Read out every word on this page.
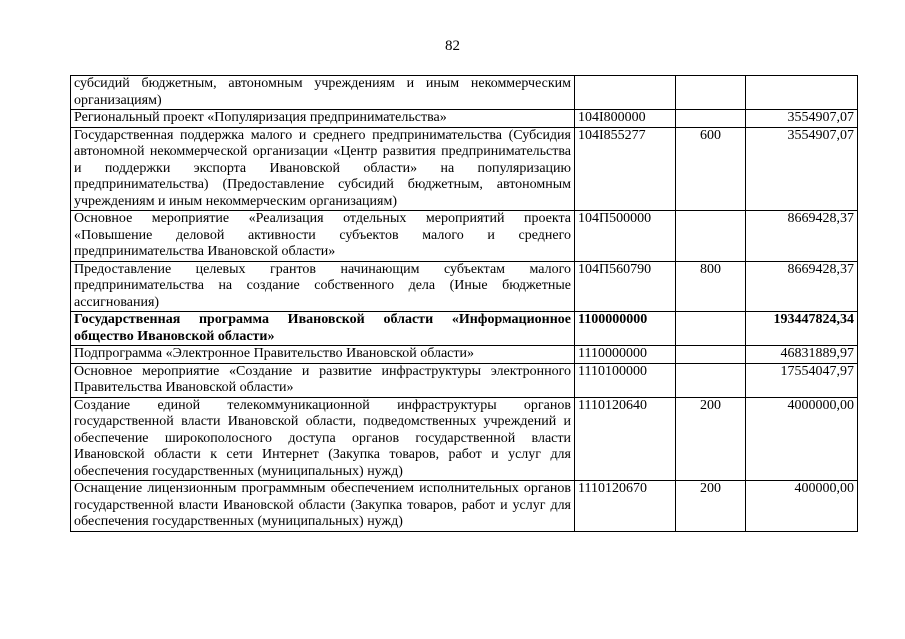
82
субсидий бюджетным, автономным учреждениям и иным некоммерческим организациям)			
Региональный проект «Популяризация предпринимательства»	104I800000		3554907,07
Государственная поддержка малого и среднего предпринимательства (Субсидия автономной некоммерческой организации «Центр развития предпринимательства и поддержки экспорта Ивановской области» на популяризацию предпринимательства) (Предоставление субсидий бюджетным, автономным учреждениям и иным некоммерческим организациям)	104I855277	600	3554907,07
Основное мероприятие «Реализация отдельных мероприятий проекта «Повышение деловой активности субъектов малого и среднего предпринимательства Ивановской области»	104П500000		8669428,37
Предоставление целевых грантов начинающим субъектам малого предпринимательства на создание собственного дела (Иные бюджетные ассигнования)	104П560790	800	8669428,37
Государственная программа Ивановской области «Информационное общество Ивановской области»	1100000000		193447824,34
Подпрограмма «Электронное Правительство Ивановской области»	1110000000		46831889,97
Основное мероприятие «Создание и развитие инфраструктуры электронного Правительства Ивановской области»	1110100000		17554047,97
Создание единой телекоммуникационной инфраструктуры органов государственной власти Ивановской области, подведомственных учреждений и обеспечение широкополосного доступа органов государственной власти Ивановской области к сети Интернет (Закупка товаров, работ и услуг для обеспечения государственных (муниципальных) нужд)	1110120640	200	4000000,00
Оснащение лицензионным программным обеспечением исполнительных органов государственной власти Ивановской области (Закупка товаров, работ и услуг для обеспечения государственных (муниципальных) нужд)	1110120670	200	400000,00
